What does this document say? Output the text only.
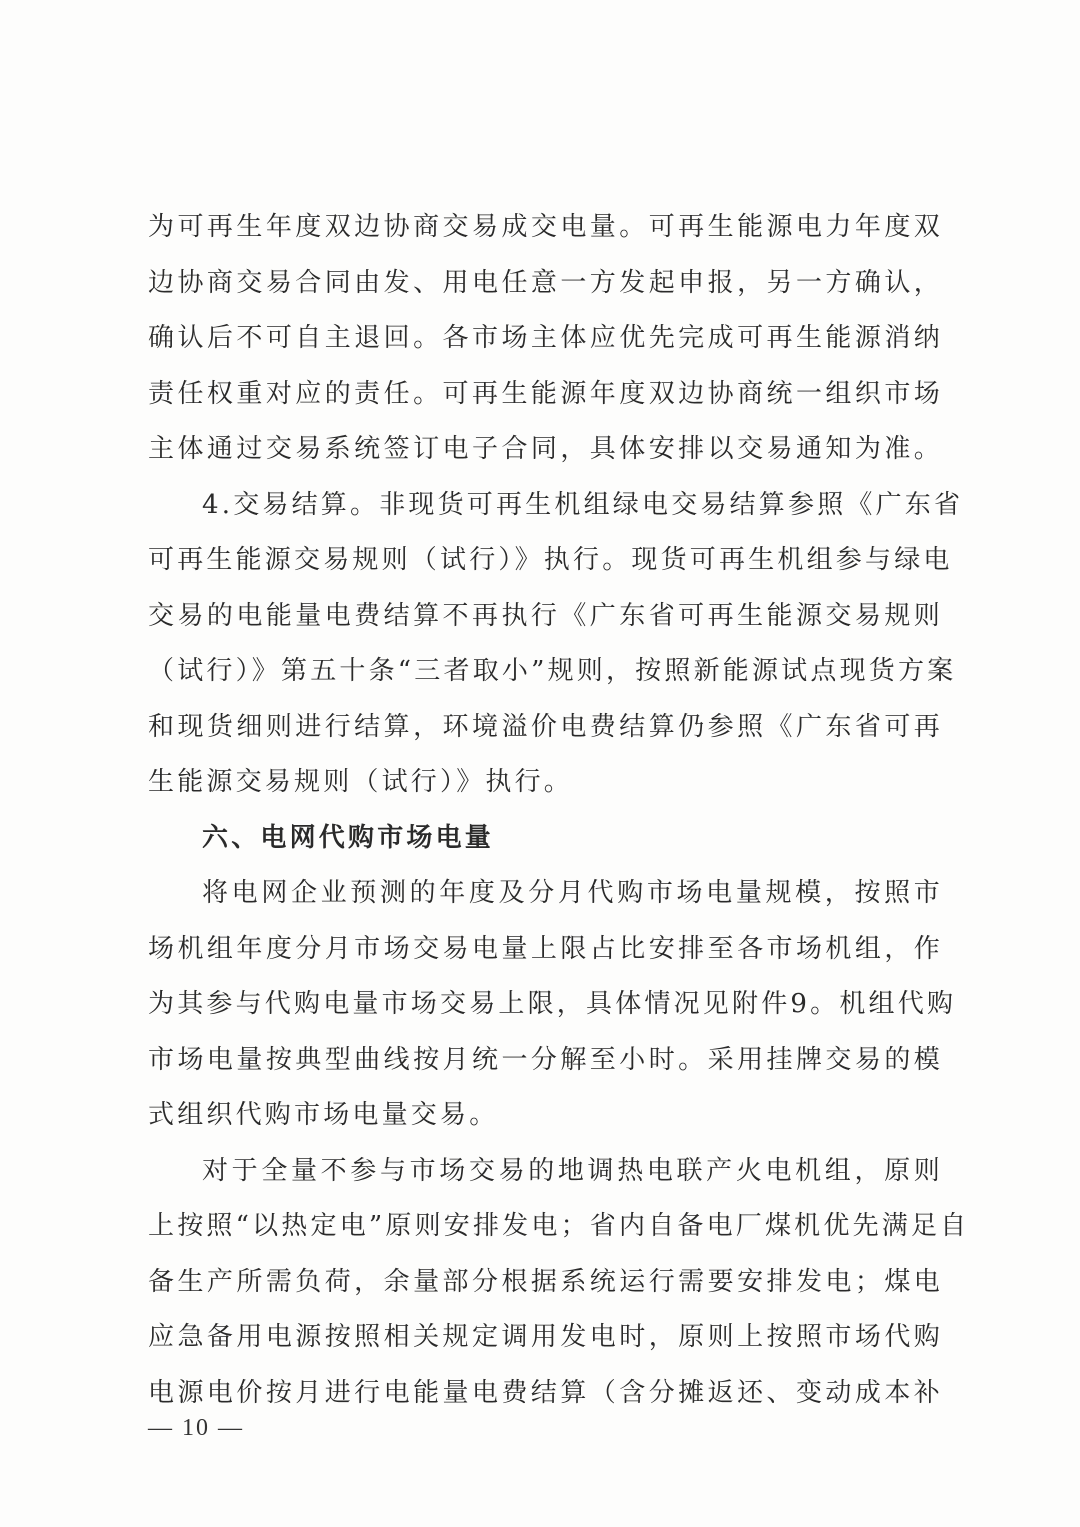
为可再生年度双边协商交易成交电量。可再生能源电力年度双
边协商交易合同由发、用电任意一方发起申报，另一方确认，
确认后不可自主退回。各市场主体应优先完成可再生能源消纳
责任权重对应的责任。可再生能源年度双边协商统一组织市场
主体通过交易系统签订电子合同，具体安排以交易通知为准。
4.交易结算。非现货可再生机组绿电交易结算参照《广东省
可再生能源交易规则（试行）》执行。现货可再生机组参与绿电
交易的电能量电费结算不再执行《广东省可再生能源交易规则
（试行）》第五十条“三者取小”规则，按照新能源试点现货方案
和现货细则进行结算，环境溢价电费结算仍参照《广东省可再
生能源交易规则（试行）》执行。
六、电网代购市场电量
将电网企业预测的年度及分月代购市场电量规模，按照市
场机组年度分月市场交易电量上限占比安排至各市场机组，作
为其参与代购电量市场交易上限，具体情况见附件9。机组代购
市场电量按典型曲线按月统一分解至小时。采用挂牌交易的模
式组织代购市场电量交易。
对于全量不参与市场交易的地调热电联产火电机组，原则
上按照“以热定电”原则安排发电；省内自备电厂煤机优先满足自
备生产所需负荷，余量部分根据系统运行需要安排发电；煤电
应急备用电源按照相关规定调用发电时，原则上按照市场代购
电源电价按月进行电能量电费结算（含分摊返还、变动成本补
— 10 —
